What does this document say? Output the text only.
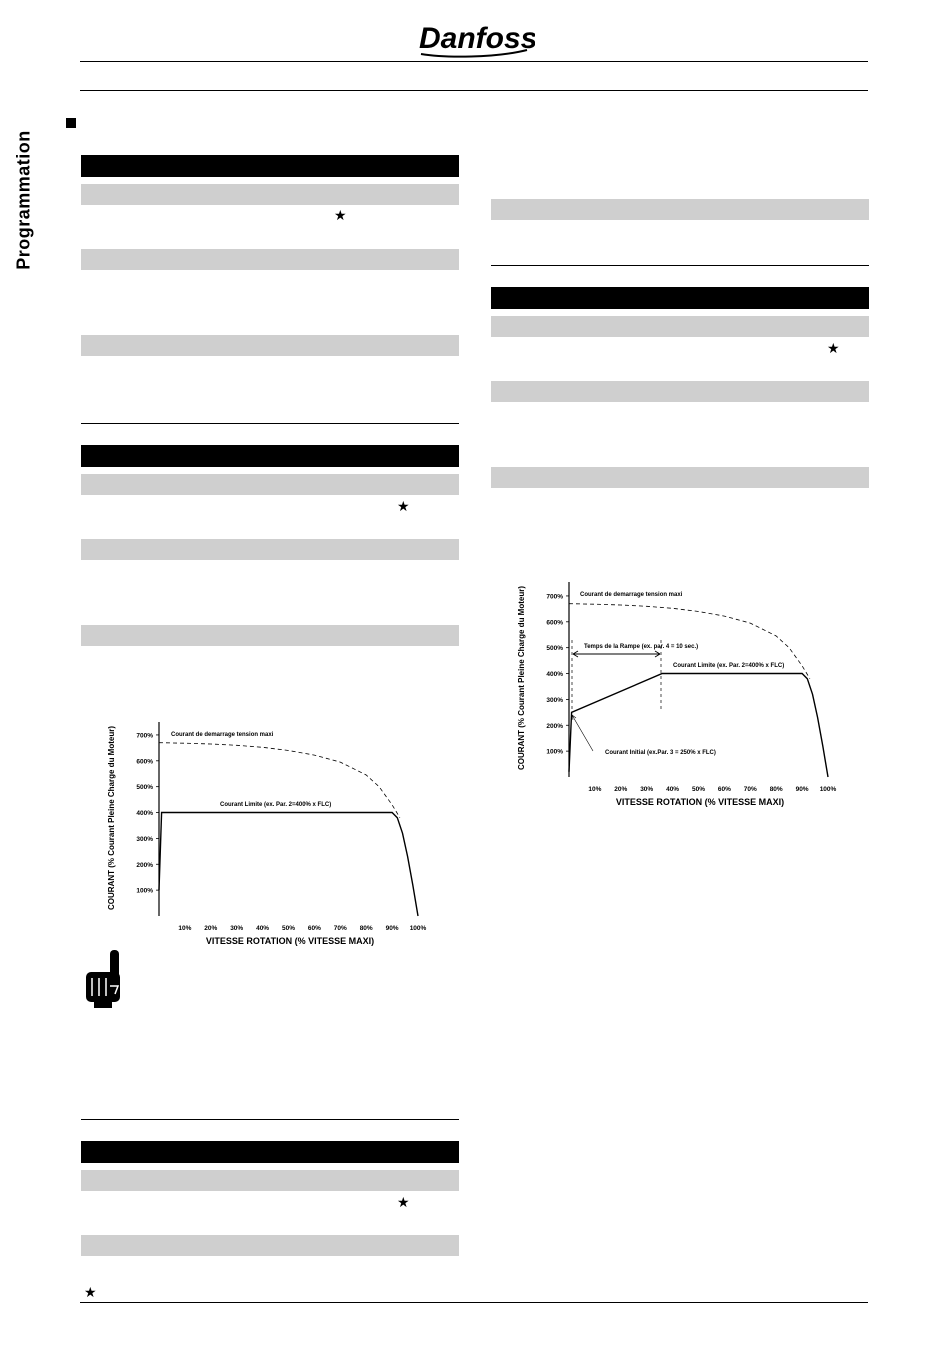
Danfoss
Programmation	★
★
COURANT (% Courant Pleine Charge du Moteur)
VITESSE ROTATION (% VITESSE MAXI)
100%
200%
300%
400%
500%
600%
700%
10% 20% 30% 40% 50% 60% 70% 80% 90% 100%
Courant de demarrage tension maxi
Courant Limite (ex. Par. 2=400% x FLC)
★
★
★
COURANT (% Courant Pleine Charge du Moteur)
VITESSE ROTATION (% VITESSE MAXI)
100%
200%
300%
400%
500%
600%
700%
10% 20% 30% 40% 50% 60% 70% 80% 90% 100%
Courant de demarrage tension maxi
Temps de la Rampe (ex. par. 4 = 10 sec.)
Courant Limite (ex. Par. 2=400% x FLC)
Courant Initial (ex.Par. 3 = 250% x FLC)
